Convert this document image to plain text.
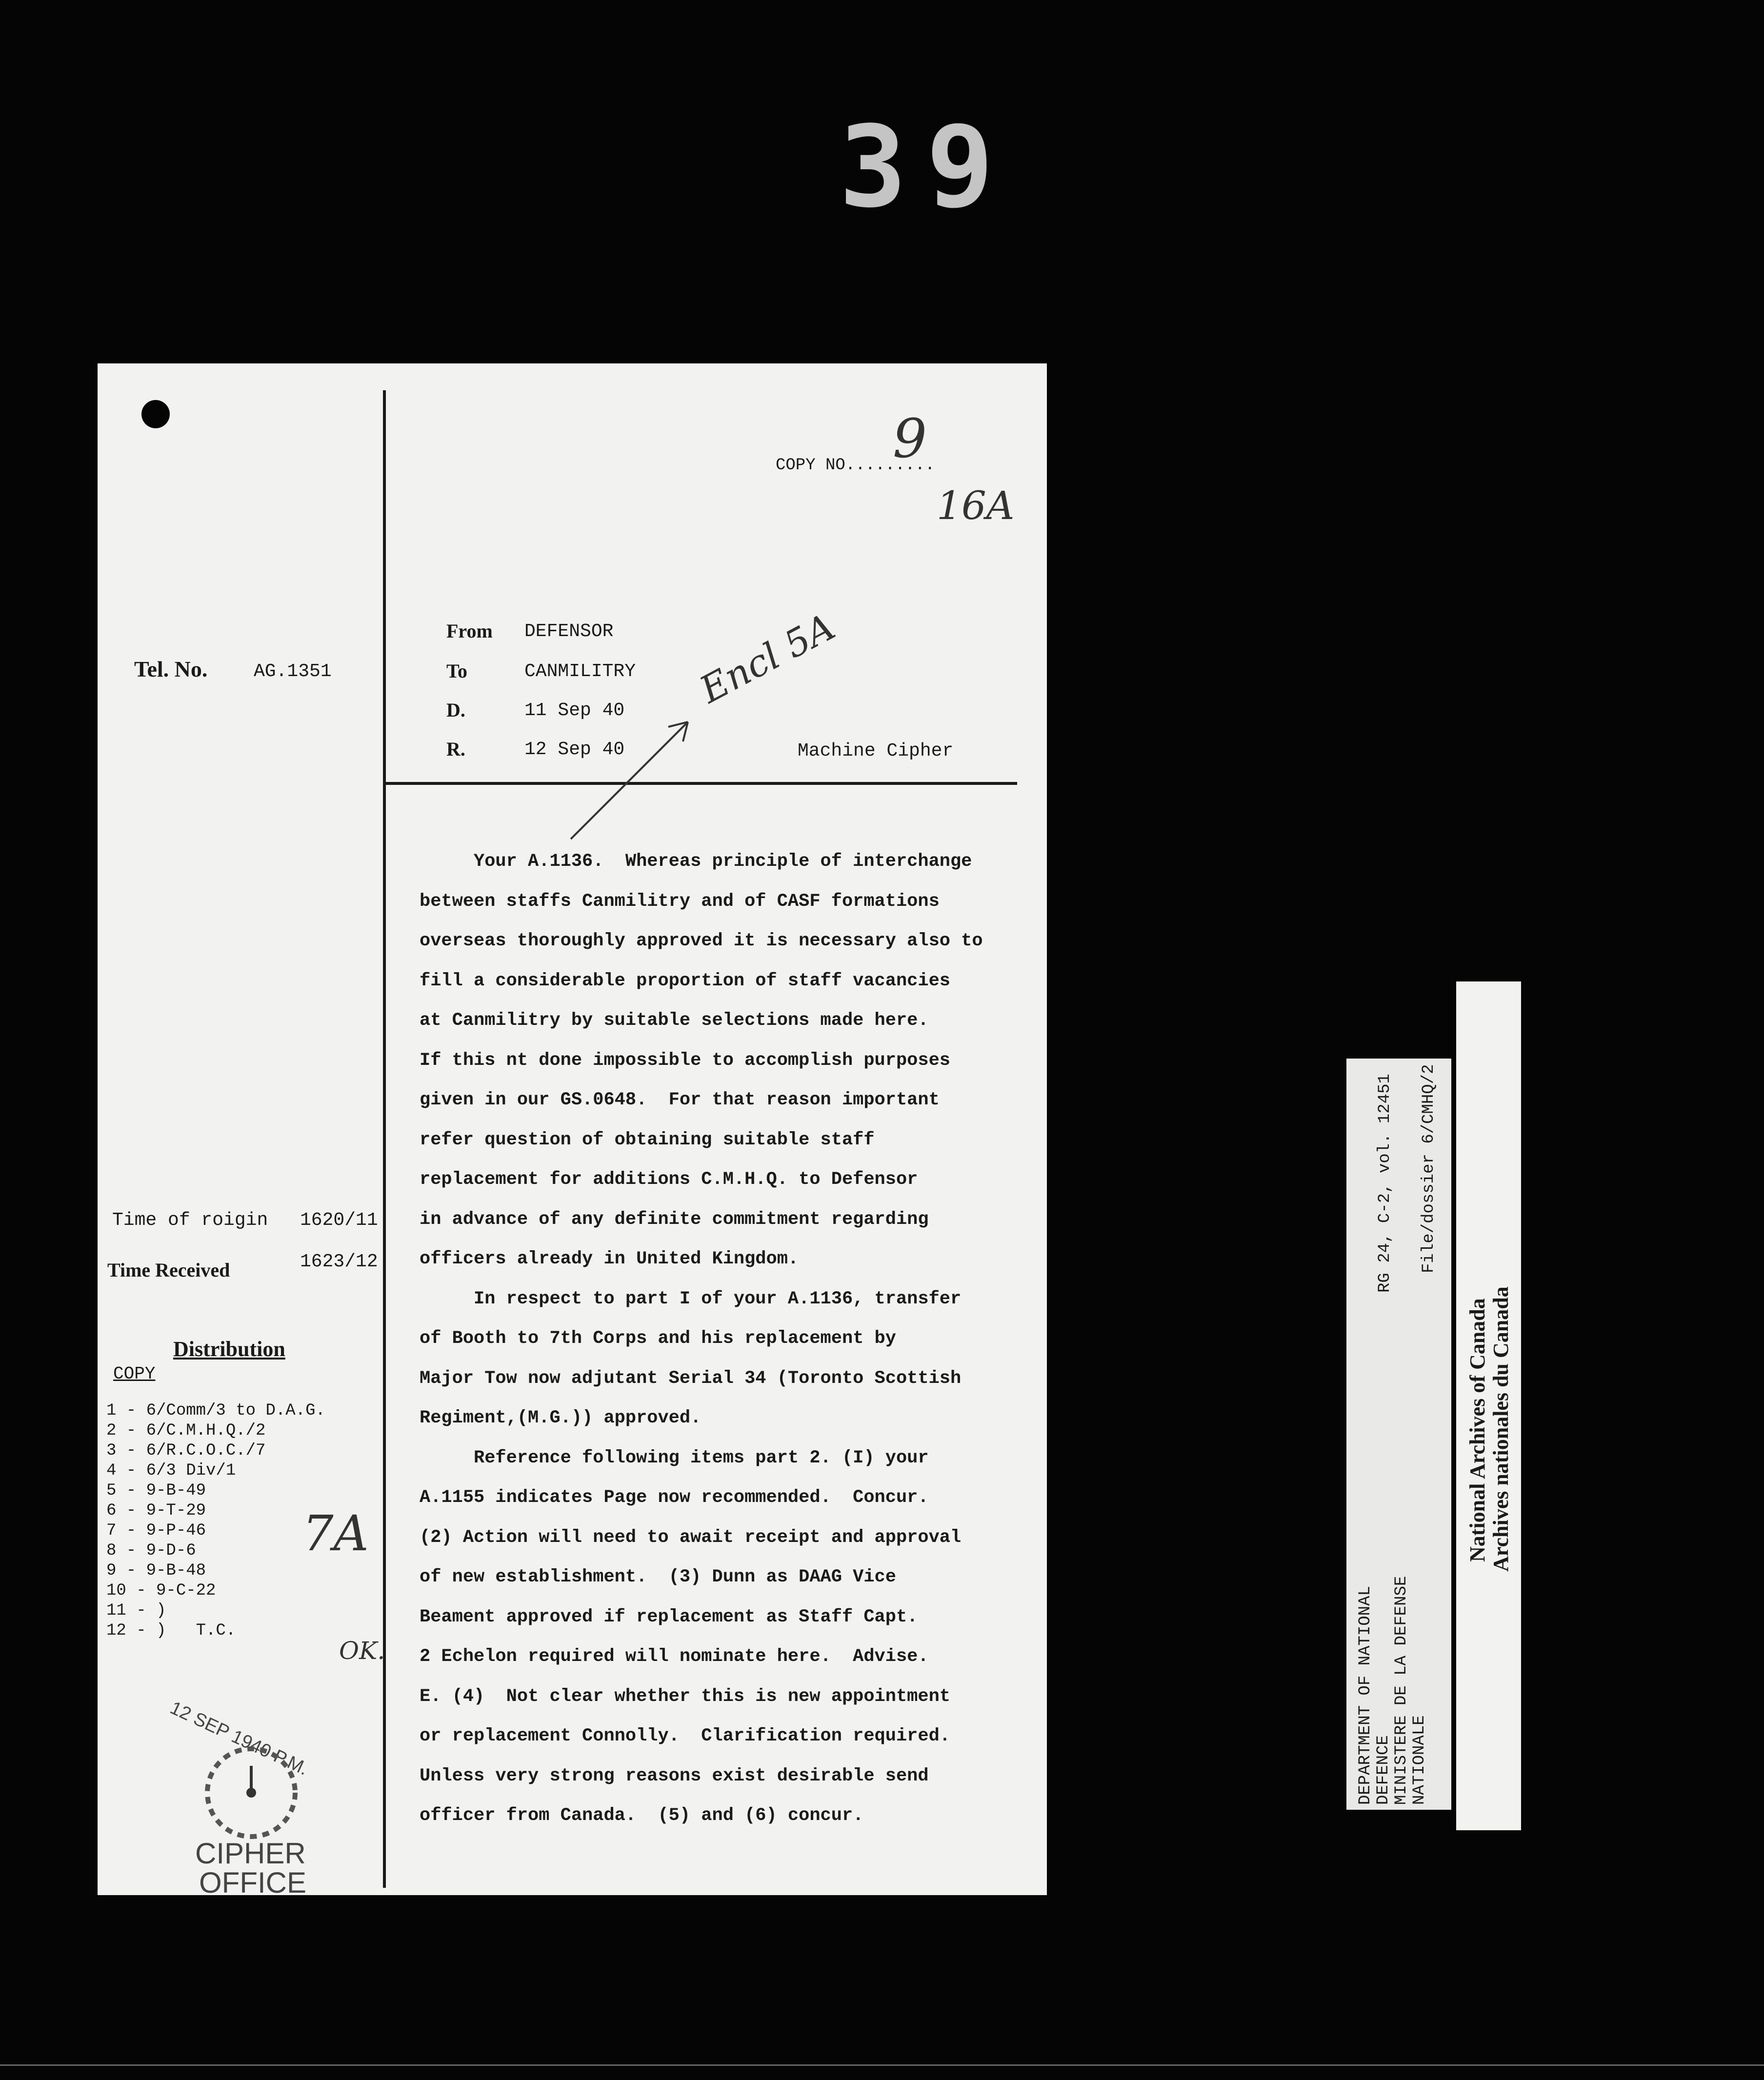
39
COPY NO.........
9
16A
Tel. No. AG.1351
From DEFENSOR
To	CANMILITRY
D.	11 Sep 40
R.	12 Sep 40	Machine Cipher
Encl 5A

Your A.1136.  Whereas principle of interchange

between staffs Canmilitry and of CASF formations

overseas thoroughly approved it is necessary also to

fill a considerable proportion of staff vacancies

at Canmilitry by suitable selections made here.

If this nt done impossible to accomplish purposes

given in our GS.0648.  For that reason important

refer question of obtaining suitable staff

replacement for additions C.M.H.Q. to Defensor

in advance of any definite commitment regarding

officers already in United Kingdom.

In respect to part I of your A.1136, transfer

of Booth to 7th Corps and his replacement by

Major Tow now adjutant Serial 34 (Toronto Scottish

Regiment,(M.G.)) approved.

Reference following items part 2. (I) your

A.1155 indicates Page now recommended.  Concur.

(2) Action will need to await receipt and approval

of new establishment.  (3) Dunn as DAAG Vice

Beament approved if replacement as Staff Capt.

2 Echelon required will nominate here.  Advise.

E. (4)  Not clear whether this is new appointment

or replacement Connolly.  Clarification required.

Unless very strong reasons exist desirable send

officer from Canada.  (5) and (6) concur.

Time of roigin 1620/11
Time Received	1623/12
Distribution
COPY
1 - 6/Comm/3 to D.A.G.
2 - 6/C.M.H.Q./2
3 - 6/R.C.O.C./7
4 - 6/3 Div/1
5 - 9-B-49
6 - 9-T-29
7 - 9-P-46
8 - 9-D-6
9 - 9-B-48
10 - 9-C-22
11 - )
12 - )   T.C.
7A
OK.
12 SEP 1940 P.M.
CIPHER
OFFICE
DEPARTMENT OF NATIONAL DEFENCE MINISTERE DE LA DEFENSE NATIONALE
RG 24, C-2, vol. 12451 File/dossier 6/CMHQ/2
National Archives of Canada Archives nationales du Canada
